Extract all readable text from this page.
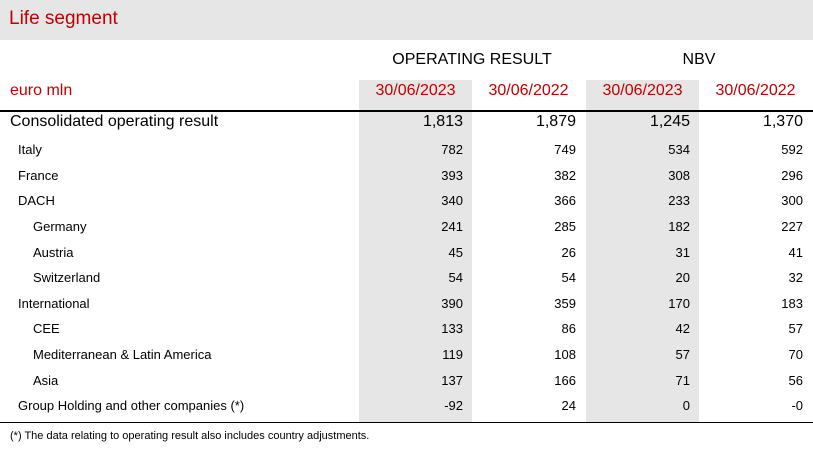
Life segment
OPERATING RESULT	NBV
euro mln	30/06/2023	30/06/2022	30/06/2023	30/06/2022
Consolidated operating result	1,813	1,879	1,245	1,370
Italy	782	749	534	592
France	393	382	308	296
DACH	340	366	233	300
Germany	241	285	182	227
Austria	45	26	31	41
Switzerland	54	54	20	32
International	390	359	170	183
CEE	133	86	42	57
Mediterranean & Latin America	119	108	57	70
Asia	137	166	71	56
Group Holding and other companies (*)	-92	24	0	-0
(*) The data relating to operating result also includes country adjustments.
